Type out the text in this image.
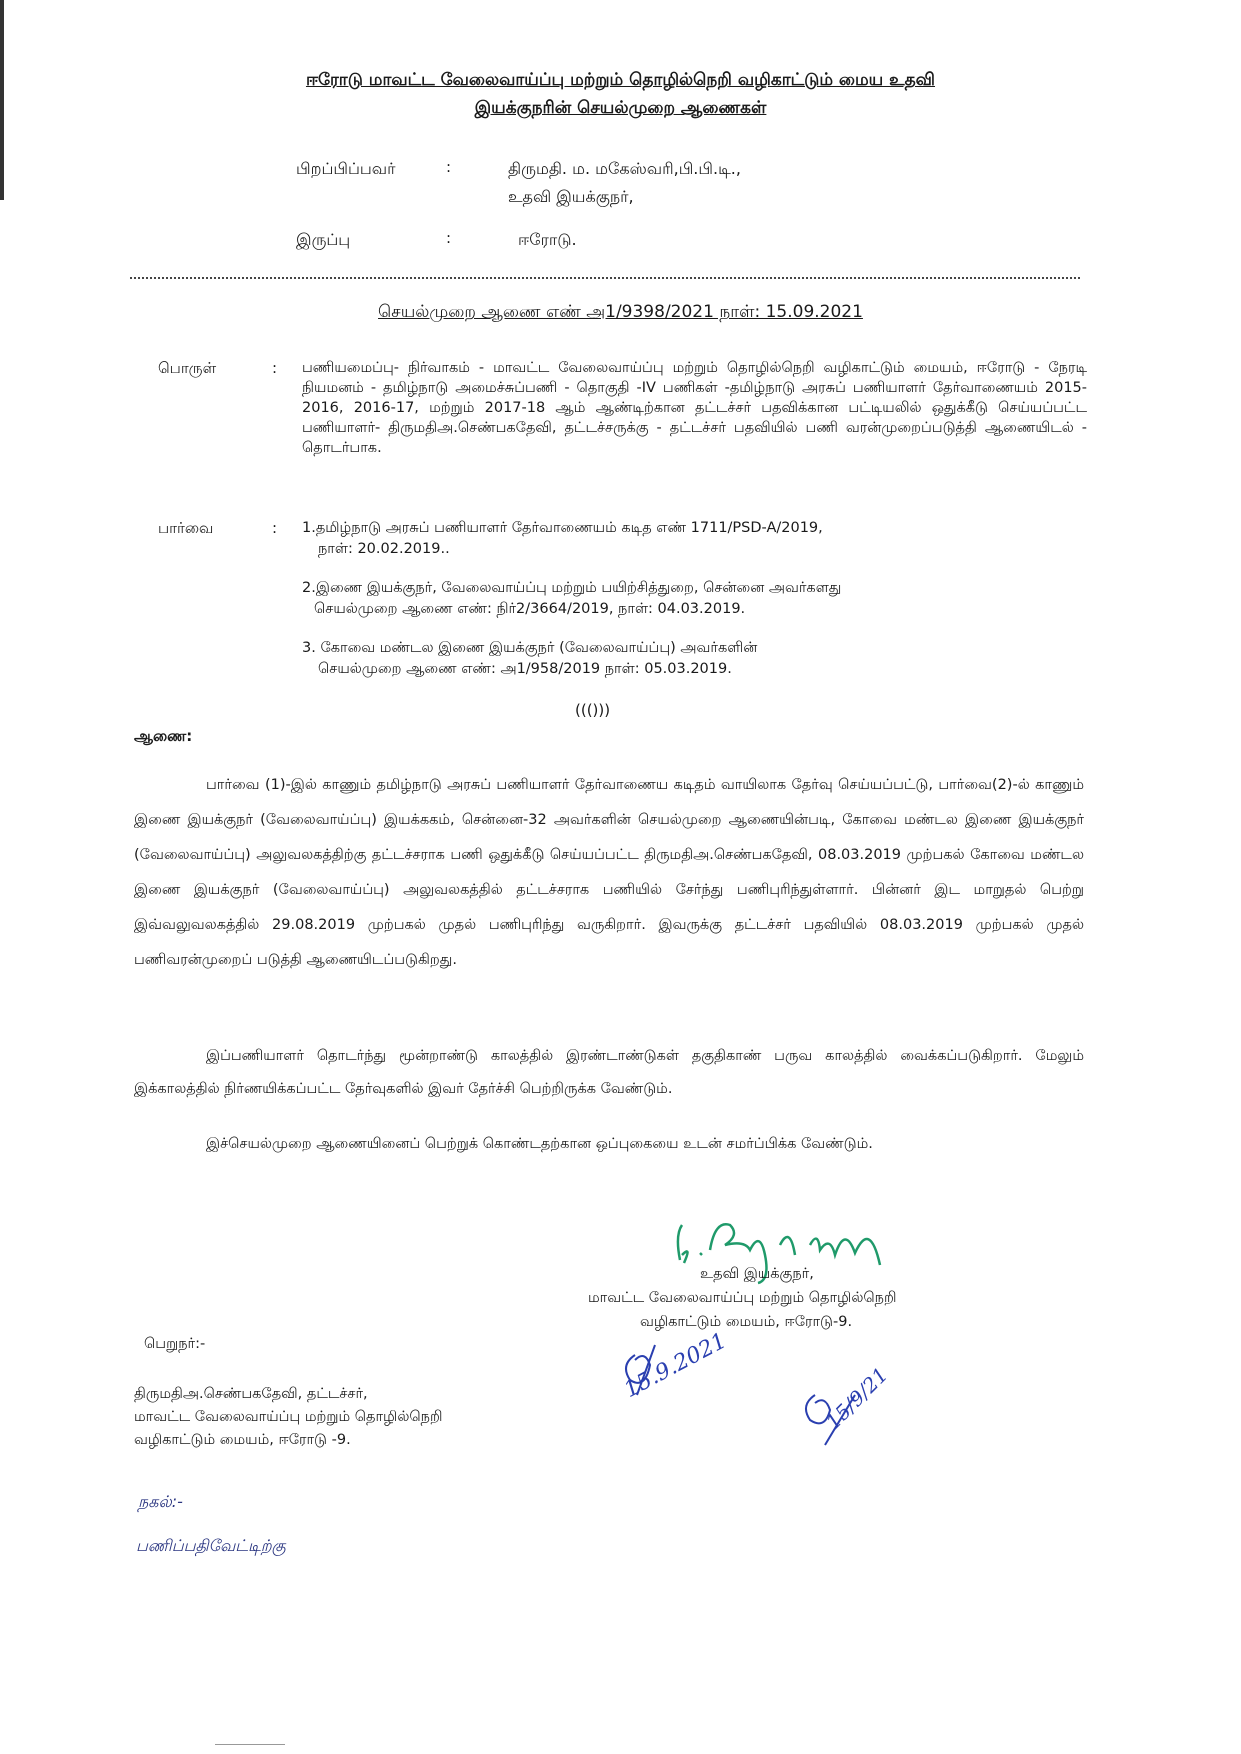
ஈரோடு மாவட்ட வேலைவாய்ப்பு மற்றும் தொழில்நெறி வழிகாட்டும் மைய உதவி
இயக்குநரின் செயல்முறை ஆணைகள்
பிறப்பிப்பவர்	:	திருமதி. ம. மகேஸ்வரி,பி.பி.டி.,
உதவி இயக்குநர்,
இருப்பு	:	ஈரோடு.
செயல்முறை ஆணை எண் அ1/9398/2021 நாள்: 15.09.2021
பொருள்	: பணியமைப்பு- நிர்வாகம் - மாவட்ட வேலைவாய்ப்பு மற்றும் தொழில்நெறி வழிகாட்டும் மையம், ஈரோடு - நேரடி நியமனம் - தமிழ்நாடு அமைச்சுப்பணி - தொகுதி -IV பணிகள் -தமிழ்நாடு அரசுப் பணியாளர் தேர்வாணையம் 2015-2016, 2016-17, மற்றும் 2017-18 ஆம் ஆண்டிற்கான தட்டச்சர் பதவிக்கான பட்டியலில் ஒதுக்கீடு செய்யப்பட்ட பணியாளர்- திருமதிஅ.செண்பகதேவி, தட்டச்சருக்கு - தட்டச்சர் பதவியில் பணி வரன்முறைப்படுத்தி ஆணையிடல் - தொடர்பாக.
பார்வை	: 1.தமிழ்நாடு அரசுப் பணியாளர் தேர்வாணையம் கடித எண் 1711/PSD-A/2019,
நாள்: 20.02.2019..
2.இணை இயக்குநர், வேலைவாய்ப்பு மற்றும் பயிற்சித்துறை, சென்னை அவர்களது
செயல்முறை ஆணை எண்: நிர்2/3664/2019, நாள்: 04.03.2019.
3. கோவை மண்டல இணை இயக்குநர் (வேலைவாய்ப்பு) அவர்களின்
செயல்முறை ஆணை எண்: அ1/958/2019 நாள்: 05.03.2019.
((()))
ஆணை:
பார்வை (1)-இல் காணும் தமிழ்நாடு அரசுப் பணியாளர் தேர்வாணைய கடிதம் வாயிலாக தேர்வு செய்யப்பட்டு, பார்வை(2)-ல் காணும் இணை இயக்குநர் (வேலைவாய்ப்பு) இயக்ககம், சென்னை-32 அவர்களின் செயல்முறை ஆணையின்படி, கோவை மண்டல இணை இயக்குநர் (வேலைவாய்ப்பு) அலுவலகத்திற்கு தட்டச்சராக பணி ஒதுக்கீடு செய்யப்பட்ட திருமதிஅ.செண்பகதேவி, 08.03.2019 முற்பகல் கோவை மண்டல இணை இயக்குநர் (வேலைவாய்ப்பு) அலுவலகத்தில் தட்டச்சராக பணியில் சேர்ந்து பணிபுரிந்துள்ளார். பின்னர் இட மாறுதல் பெற்று இவ்வலுவலகத்தில் 29.08.2019 முற்பகல் முதல் பணிபுரிந்து வருகிறார். இவருக்கு தட்டச்சர் பதவியில் 08.03.2019 முற்பகல் முதல் பணிவரன்முறைப் படுத்தி ஆணையிடப்படுகிறது.
இப்பணியாளர் தொடர்ந்து மூன்றாண்டு காலத்தில் இரண்டாண்டுகள் தகுதிகாண் பருவ காலத்தில் வைக்கப்படுகிறார். மேலும் இக்காலத்தில் நிர்ணயிக்கப்பட்ட தேர்வுகளில் இவர் தேர்ச்சி பெற்றிருக்க வேண்டும்.
இச்செயல்முறை ஆணையினைப் பெற்றுக் கொண்டதற்கான ஒப்புகையை உடன் சமர்ப்பிக்க வேண்டும்.
உதவி இயக்குநர்,
மாவட்ட வேலைவாய்ப்பு மற்றும் தொழில்நெறி
வழிகாட்டும் மையம், ஈரோடு-9.
15.9.2021	15/9/21
பெறுநர்:-
திருமதிஅ.செண்பகதேவி, தட்டச்சர்,
மாவட்ட வேலைவாய்ப்பு மற்றும் தொழில்நெறி
வழிகாட்டும் மையம், ஈரோடு -9.
நகல்:-
பணிப்பதிவேட்டிற்கு
